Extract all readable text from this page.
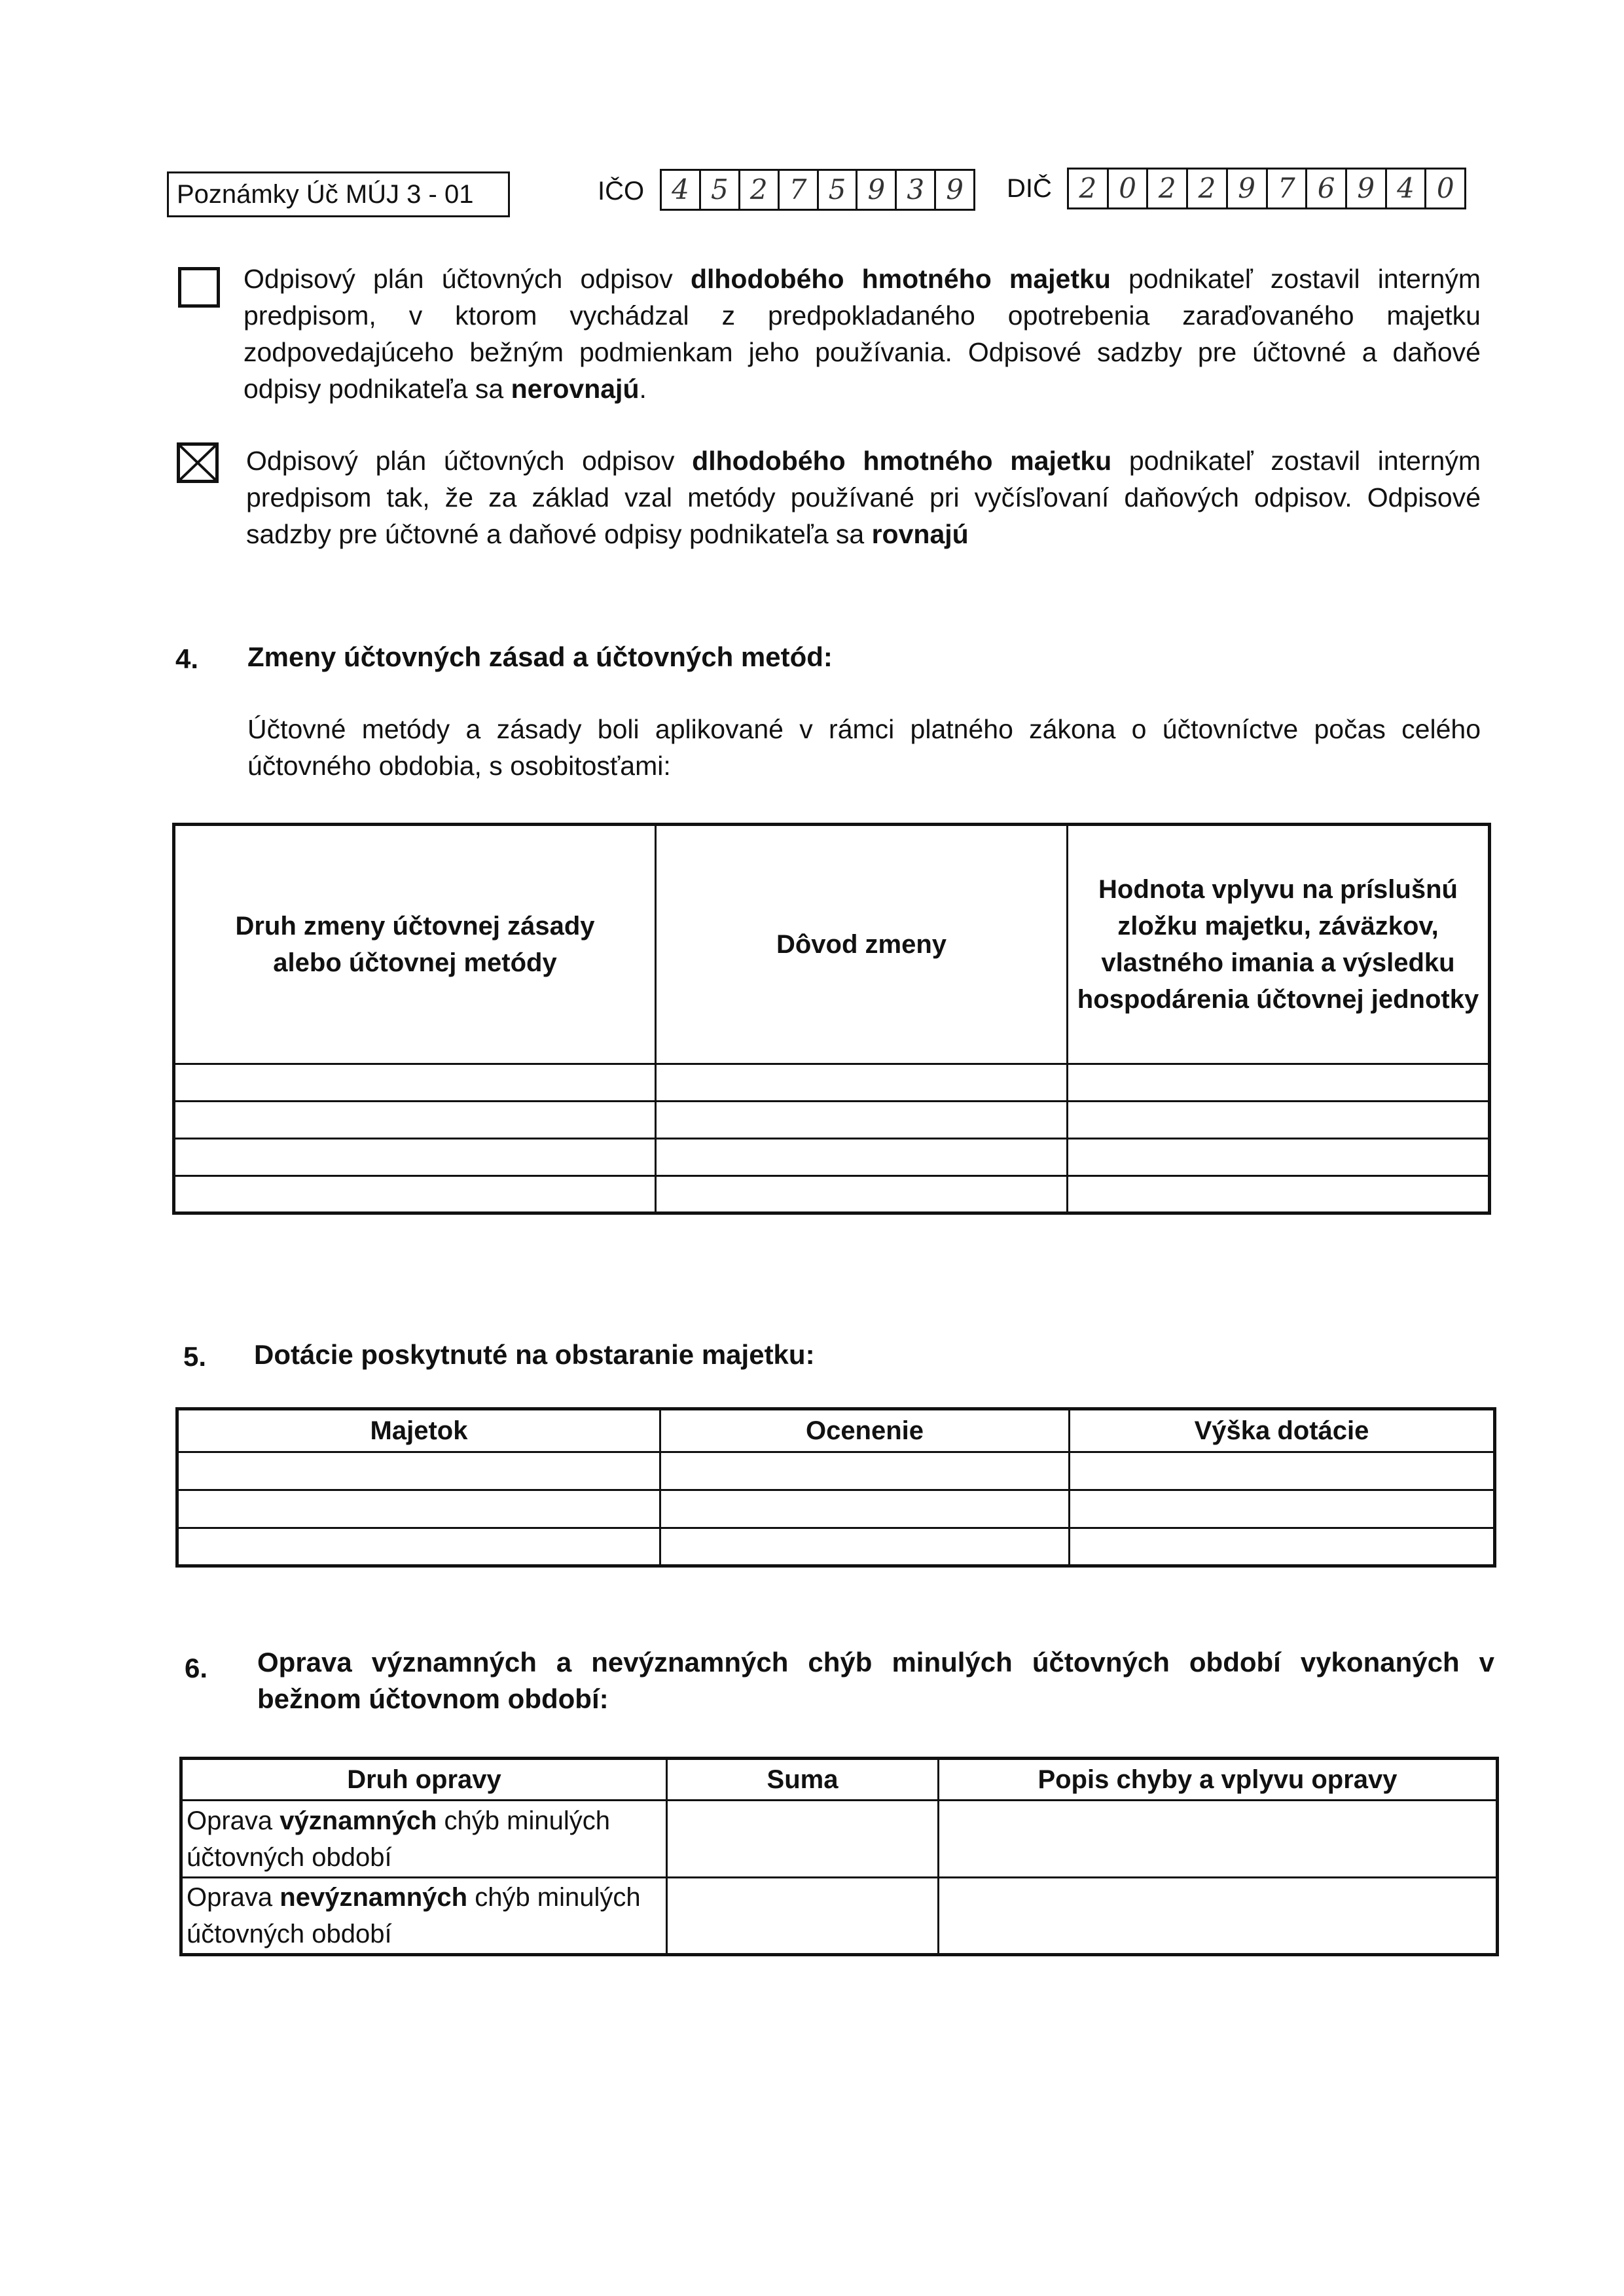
Poznámky Úč MÚJ 3 - 01	IČO 4 5 2 7 5 9 3 9	DIČ 2 0 2 2 9 7 6 9 4 0
Odpisový plán účtovných odpisov dlhodobého hmotného majetku podnikateľ zostavil interným predpisom, v ktorom vychádzal z predpokladaného opotrebenia zaraďovaného majetku zodpovedajúceho bežným podmienkam jeho používania. Odpisové sadzby pre účtovné a daňové odpisy podnikateľa sa nerovnajú.
Odpisový plán účtovných odpisov dlhodobého hmotného majetku podnikateľ zostavil interným predpisom tak, že za základ vzal metódy používané pri vyčísľovaní daňových odpisov. Odpisové sadzby pre účtovné a daňové odpisy podnikateľa sa rovnajú
4. Zmeny účtovných zásad a účtovných metód:
Účtovné metódy a zásady boli aplikované v rámci platného zákona o účtovníctve počas celého účtovného obdobia, s osobitosťami:
Druh zmeny účtovnej zásady alebo účtovnej metódy	Dôvod zmeny	Hodnota vplyvu na príslušnú zložku majetku, záväzkov, vlastného imania a výsledku hospodárenia účtovnej jednotky

5. Dotácie poskytnuté na obstaranie majetku:
Majetok	Ocenenie	Výška dotácie

6. Oprava významných a nevýznamných chýb minulých účtovných období vykonaných v bežnom účtovnom období:
Druh opravy	Suma	Popis chyby a vplyvu opravy

Oprava významných chýb minulých účtovných období		

Oprava nevýznamných chýb minulých účtovných období		
